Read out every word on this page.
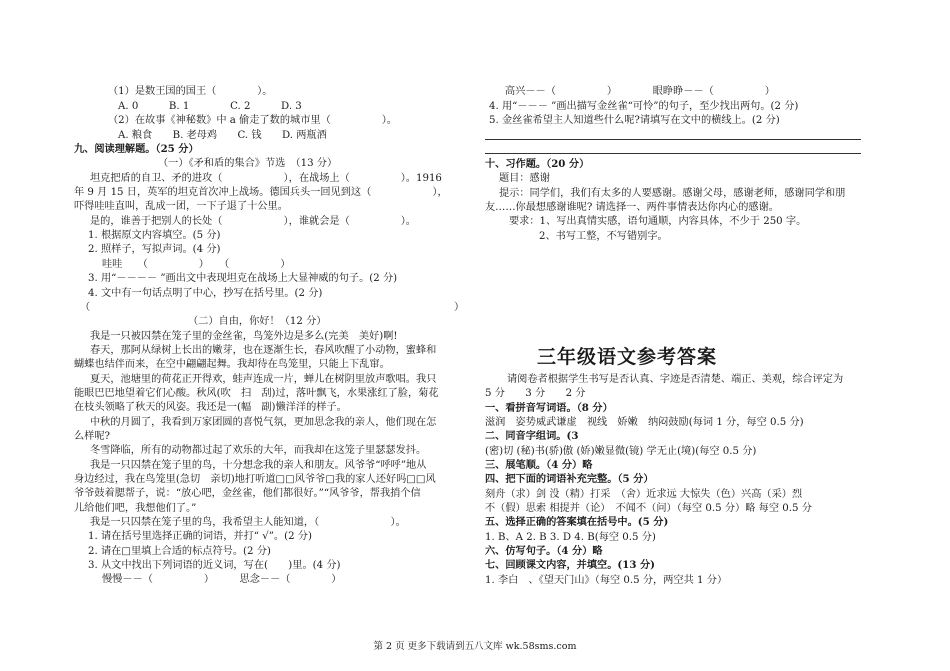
（1）是数王国的国王（　　　　）。
A. 0　　　B. 1　　　　C. 2　　　D. 3
（2）在故事《神秘数》中 a 偷走了数的城市里（　　　　　）。
A. 粮食　　B. 老母鸡　　C. 钱　　D. 两瓶酒
九、阅读理解题。（25 分）
（一）《矛和盾的集合》节选　（13 分）
坦克把盾的自卫、矛的进攻（　　　　　　），在战场上（　　　　　）。1916
年 9 月 15 日，英军的坦克首次冲上战场。德国兵头一回见到这（　　　　　　），
吓得哇哇直叫，乱成一团，一下子退了十公里。
是的，谁善于把别人的长处（　　　　　　），谁就会是（　　　　　）。
1. 根据原文内容填空。(5 分)
2. 照样子，写拟声词。(4 分)
哇哇　　（　　　　　）　　（　　　　　）
3. 用“－－－－ ”画出文中表现坦克在战场上大显神威的句子。(2 分)
4. 文中有一句话点明了中心，抄写在括号里。(2 分)
（	）
（二）自由，你好！（12 分）
我是一只被囚禁在笼子里的金丝雀，鸟笼外边是多么(完美　美好)啊!
春天，那阿从绿树上长出的嫩芽，也在逐渐生长，春风吹醒了小动物，蜜蜂和
蝴蝶也结伴而来，在空中翩翩起舞。我却待在鸟笼里，只能上下乱窜。
夏天，池塘里的荷花正开得欢，蛙声连成一片，蝉儿在树阴里放声歌唱。我只
能眼巴巴地望着它们心酸。秋风(吹　扫　刮)过，落叶飘飞，水果涨红了脸，菊花
在枝头领略了秋天的风姿。我还是一(幅　副)懒洋洋的样子。
中秋的月圆了，我看到万家团圆的喜悦气氛，更加思念我的亲人，他们现在怎
么样呢?
冬雪降临，所有的动物都过起了欢乐的大年，而我却在这笼子里瑟瑟发抖。
我是一只囚禁在笼子里的鸟，十分想念我的亲人和朋友。风爷爷“呼呼”地从
身边经过，我在鸟笼里(急切　亲切)地打听道□□风爷爷□我的家人还好吗□□风
爷爷鼓着腮帮子，说：“放心吧，金丝雀，他们都很好。”“风爷爷，帮我捎个信
儿给他们吧，我想他们了。”
我是一只囚禁在笼子里的鸟，我希望主人能知道，（　　　　　　　）。
1. 请在括号里选择正确的词语，并打“ √”。(2 分)
2. 请在□里填上合适的标点符号。(2 分)
3. 从文中找出下列词语的近义词，写在(　　)里。(4 分)
慢慢－－（　　　　　）　　　思念－－（　　　　）
高兴－－（　　　　　）　　　　眼睁睁－－（　　　　　）
4. 用“－－－ ”画出描写金丝雀“可怜”的句子，至少找出两句。(2 分)
5. 金丝雀希望主人知道些什么呢?请填写在文中的横线上。(2 分)
十、习作题。（20 分）
题目：感谢
提示：同学们，我们有太多的人要感谢。感谢父母，感谢老师，感谢同学和朋
友……你最想感谢谁呢? 请选择一、两件事情表达你内心的感谢。
要求：1、写出真情实感，语句通顺，内容具体，不少于 250 字。
2、书写工整，不写错别字。
三年级语文参考答案
请阅卷者根据学生书写是否认真、字迹是否清楚、端正、美观，综合评定为
5 分　　3 分　　2 分
一、看拼音写词语。（8 分）
滋润　姿势威武谦虚　视线　娇嫩　纳闷鼓励(每词 1 分，每空 0.5 分)
二、同音字组词。(3
(密)切 (秘)书(骄)傲 (娇)嫩显微(镜) 学无止(境)(每空 0.5 分)
三、展笔顺。（4 分）略
四、把下面的词语补充完整。（5 分）
刻舟（求）剑 没（精）打采　（舍）近求远 大惊失（色）兴高（采）烈
不（假）思索 相提并（论）　不闻不（问）（每空 0.5 分）略 每空 0.5 分
五、选择正确的答案填在括号中。(5 分)
1. B、A 2. B 3. D 4. B(每空 0.5 分)
六、仿写句子。（4 分）略
七、回顾课文内容，并填空。(13 分)
1. 李白　、《望天门山》（每空 0.5 分，两空共 1 分）
第 2 页 更多下载请到五八文库 wk.58sms.com
